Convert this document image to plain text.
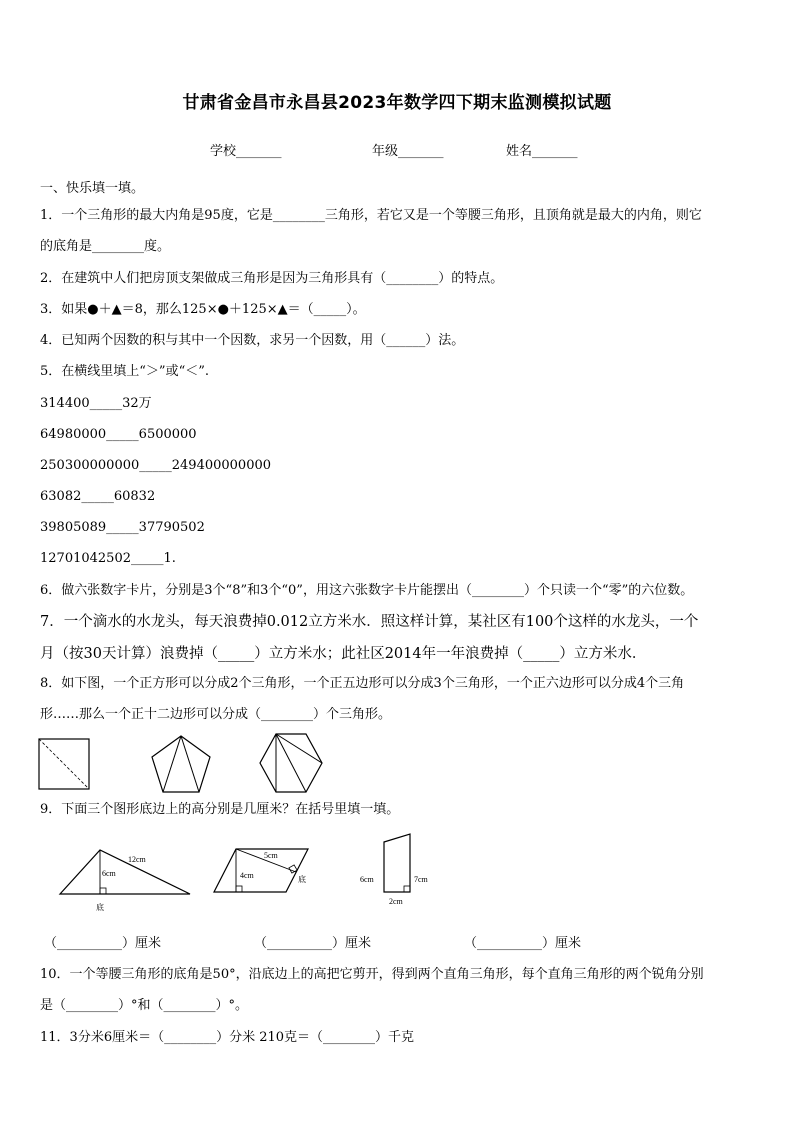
甘肃省金昌市永昌县2023年数学四下期末监测模拟试题
学校_______	年级_______	姓名_______
一、快乐填一填。
1．一个三角形的最大内角是95度，它是________三角形，若它又是一个等腰三角形，且顶角就是最大的内角，则它
的底角是________度。
2．在建筑中人们把房顶支架做成三角形是因为三角形具有（________）的特点。
3．如果●＋▲＝8，那么125×●＋125×▲＝（_____）。
4．已知两个因数的积与其中一个因数，求另一个因数，用（______）法。
5．在横线里填上“＞”或“＜”.
314400_____32万
64980000_____6500000
250300000000_____249400000000
63082_____60832
39805089_____37790502
12701042502_____1.
6．做六张数字卡片，分别是3个“8”和3个“0”，用这六张数字卡片能摆出（________）个只读一个“零”的六位数。
7．一个滴水的水龙头，每天浪费掉0.012立方米水．照这样计算，某社区有100个这样的水龙头，一个
月（按30天计算）浪费掉（_____）立方米水；此社区2014年一年浪费掉（_____）立方米水．
8．如下图，一个正方形可以分成2个三角形，一个正五边形可以分成3个三角形，一个正六边形可以分成4个三角
形……那么一个正十二边形可以分成（________）个三角形。
9．下面三个图形底边上的高分别是几厘米？在括号里填一填。
12cm
6cm
底
5cm
4cm	底	6cm	7cm
2cm
（__________）厘米	（__________）厘米	（__________）厘米
10．一个等腰三角形的底角是50°，沿底边上的高把它剪开，得到两个直角三角形，每个直角三角形的两个锐角分别
是（________）°和（________）°。
11．3分米6厘米＝（________）分米 210克＝（________）千克
